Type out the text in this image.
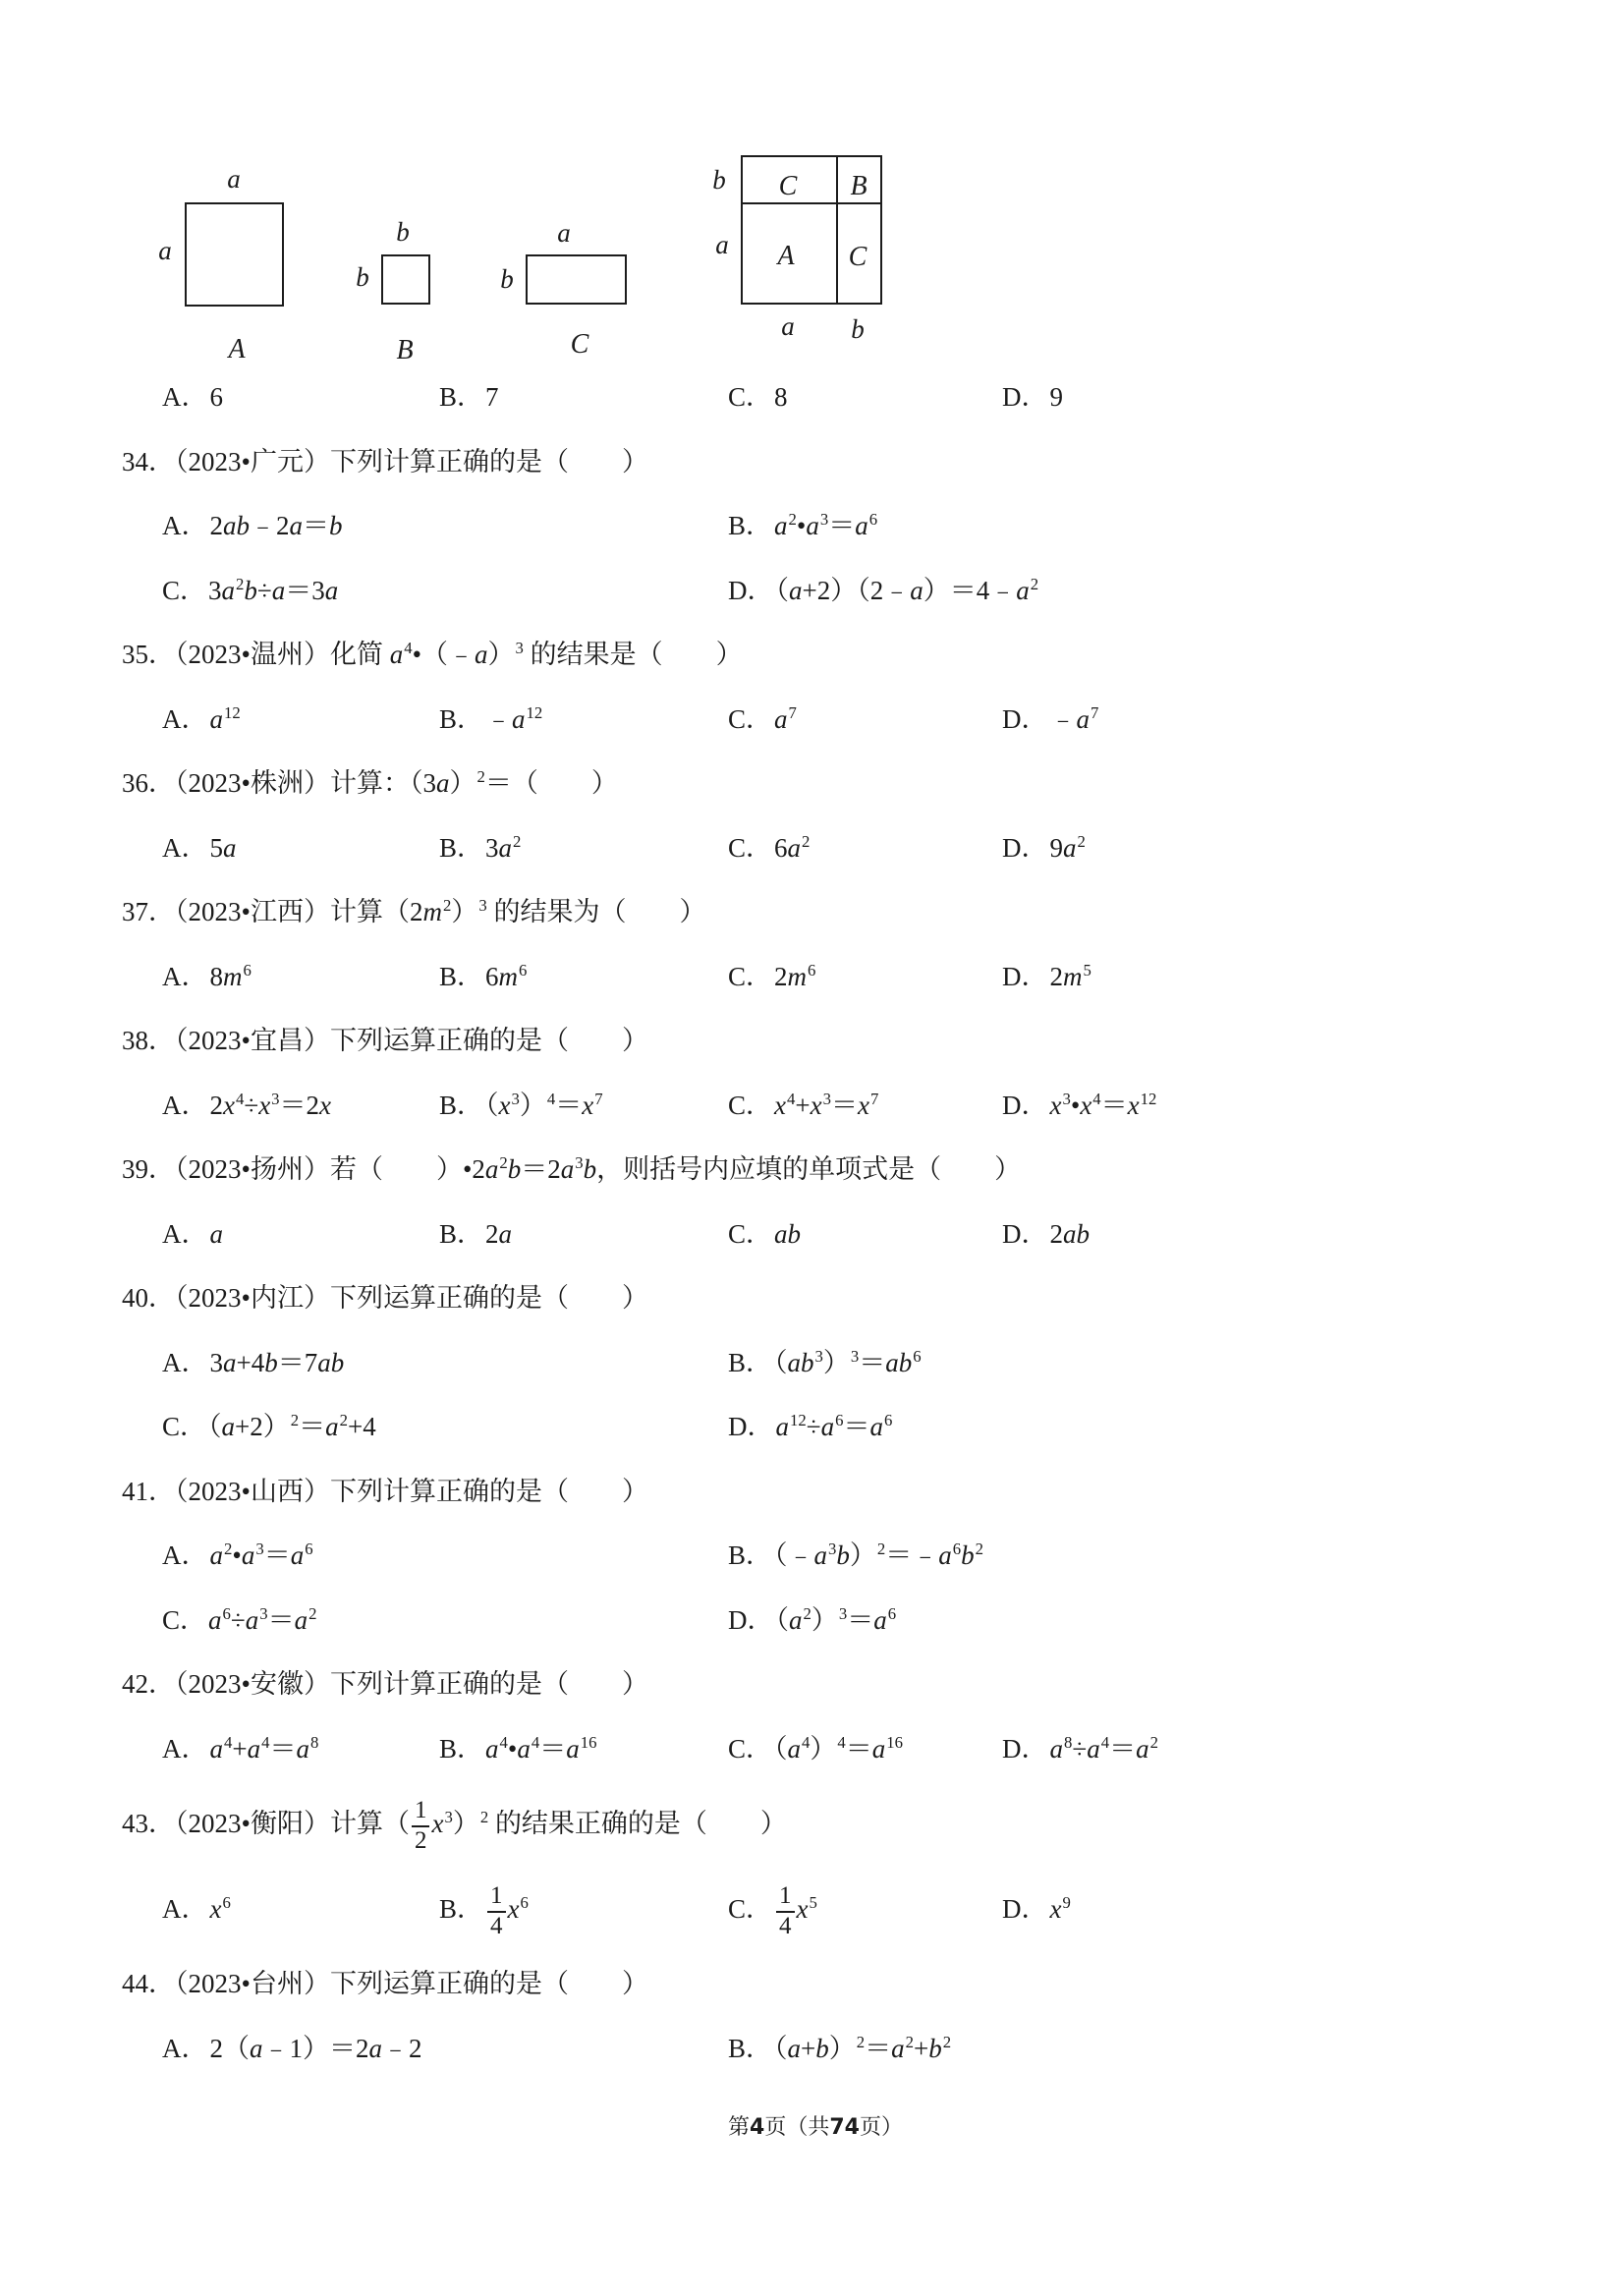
a
a
A
b
b
B
a
b
C
C B
A C
b
a
a b
A．6	B．7	C．8	D．9
34．（2023•广元）下列计算正确的是（　　）
A．2ab﹣2a＝b	B．$a^2•a^3=a^6$
C．$3a^2b\div a=3a$	D．$(a+2)(2﹣a)=4﹣a^2$
35．（2023•温州）化简 $a^4•(﹣a)^3$ 的结果是（　　）
A．$a^{12}$	B．$﹣a^{12}$	C．$a^7$	D．$﹣a^7$
36．（2023•株洲）计算：$(3a)^2=$（　　）
A．5a	B．$3a^2$	C．$6a^2$	D．$9a^2$
37．（2023•江西）计算$(2m^2)^3$ 的结果为（　　）
A．$8m^6$	B．$6m^6$	C．$2m^6$	D．$2m^5$
38．（2023•宜昌）下列运算正确的是（　　）
A．$2x^4\div x^3=2x$	B．$(x^3)^4=x^7$	C．$x^4+x^3=x^7$	D．$x^3•x^4=x^{12}$
39．（2023•扬州）若（　　）$•2a^2b=2a^3b$，则括号内应填的单项式是（　　）
A．a	B．2a	C．ab	D．2ab
40．（2023•内江）下列运算正确的是（　　）
A．3a+4b＝7ab	B．$(ab^3)^3=ab^6$
C．$(a+2)^2=a^2+4$	D．$a^{12}\div a^6=a^6$
41．（2023•山西）下列计算正确的是（　　）
A．$a^2•a^3=a^6$	B．$(﹣a^3b)^2=﹣a^6b^2$
C．$a^6\div a^3=a^2$	D．$(a^2)^3=a^6$
42．（2023•安徽）下列计算正确的是（　　）
A．$a^4+a^4=a^8$	B．$a^4•a^4=a^{16}$	C．$(a^4)^4=a^{16}$	D．$a^8\div a^4=a^2$
43．（2023•衡阳）计算（ $\frac{1}{2} x^3)^2$ 的结果正确的是（　　）
A．$x^6$	B． $\frac{1}{4} x^6$	C． $\frac{1}{4} x^5$	D．$x^9$
44．（2023•台州）下列运算正确的是（　　）
A．2（a﹣1）＝2a﹣2	B．$(a+b)^2=a^2+b^2$
第4页（共74页）
